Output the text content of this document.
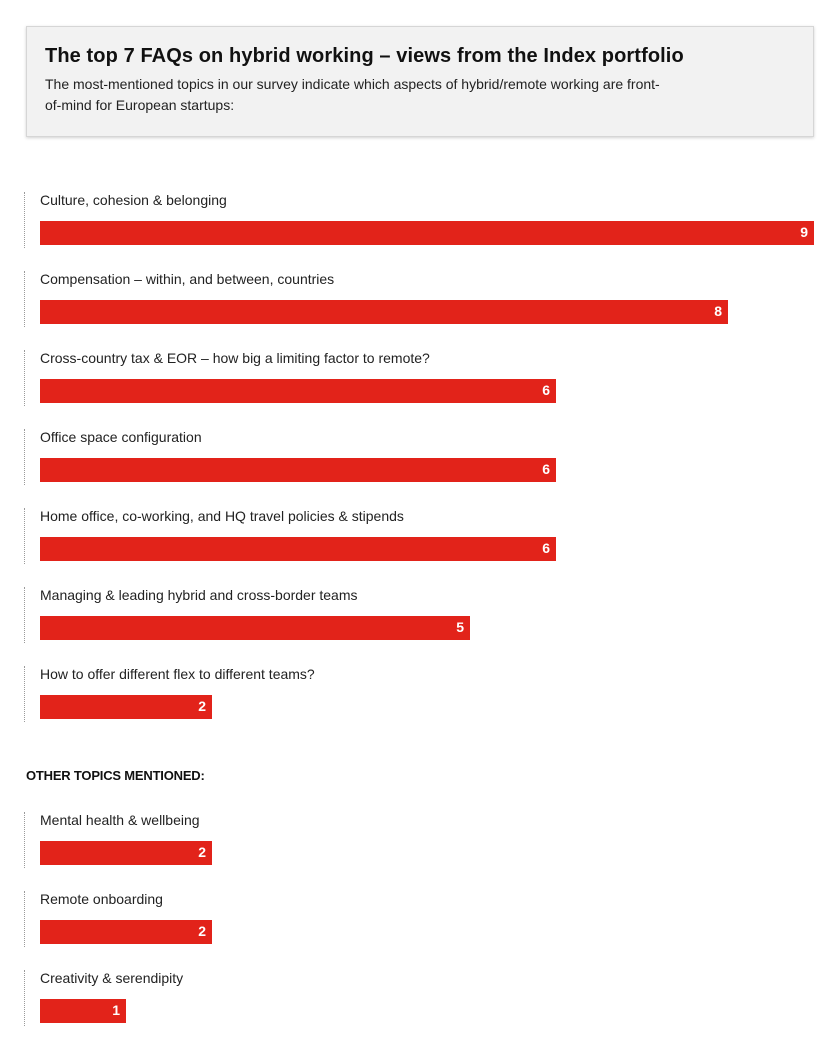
The top 7 FAQs on hybrid working – views from the Index portfolio
The most-mentioned topics in our survey indicate which aspects of hybrid/remote working are front-of-mind for European startups:
Culture, cohesion & belonging
9
Compensation – within, and between, countries
8
Cross-country tax & EOR – how big a limiting factor to remote?
6
Office space configuration
6
Home office, co-working, and HQ travel policies & stipends
6
Managing & leading hybrid and cross-border teams
5
How to offer different flex to different teams?
2
OTHER TOPICS MENTIONED:
Mental health & wellbeing
2
Remote onboarding
2
Creativity & serendipity
1
